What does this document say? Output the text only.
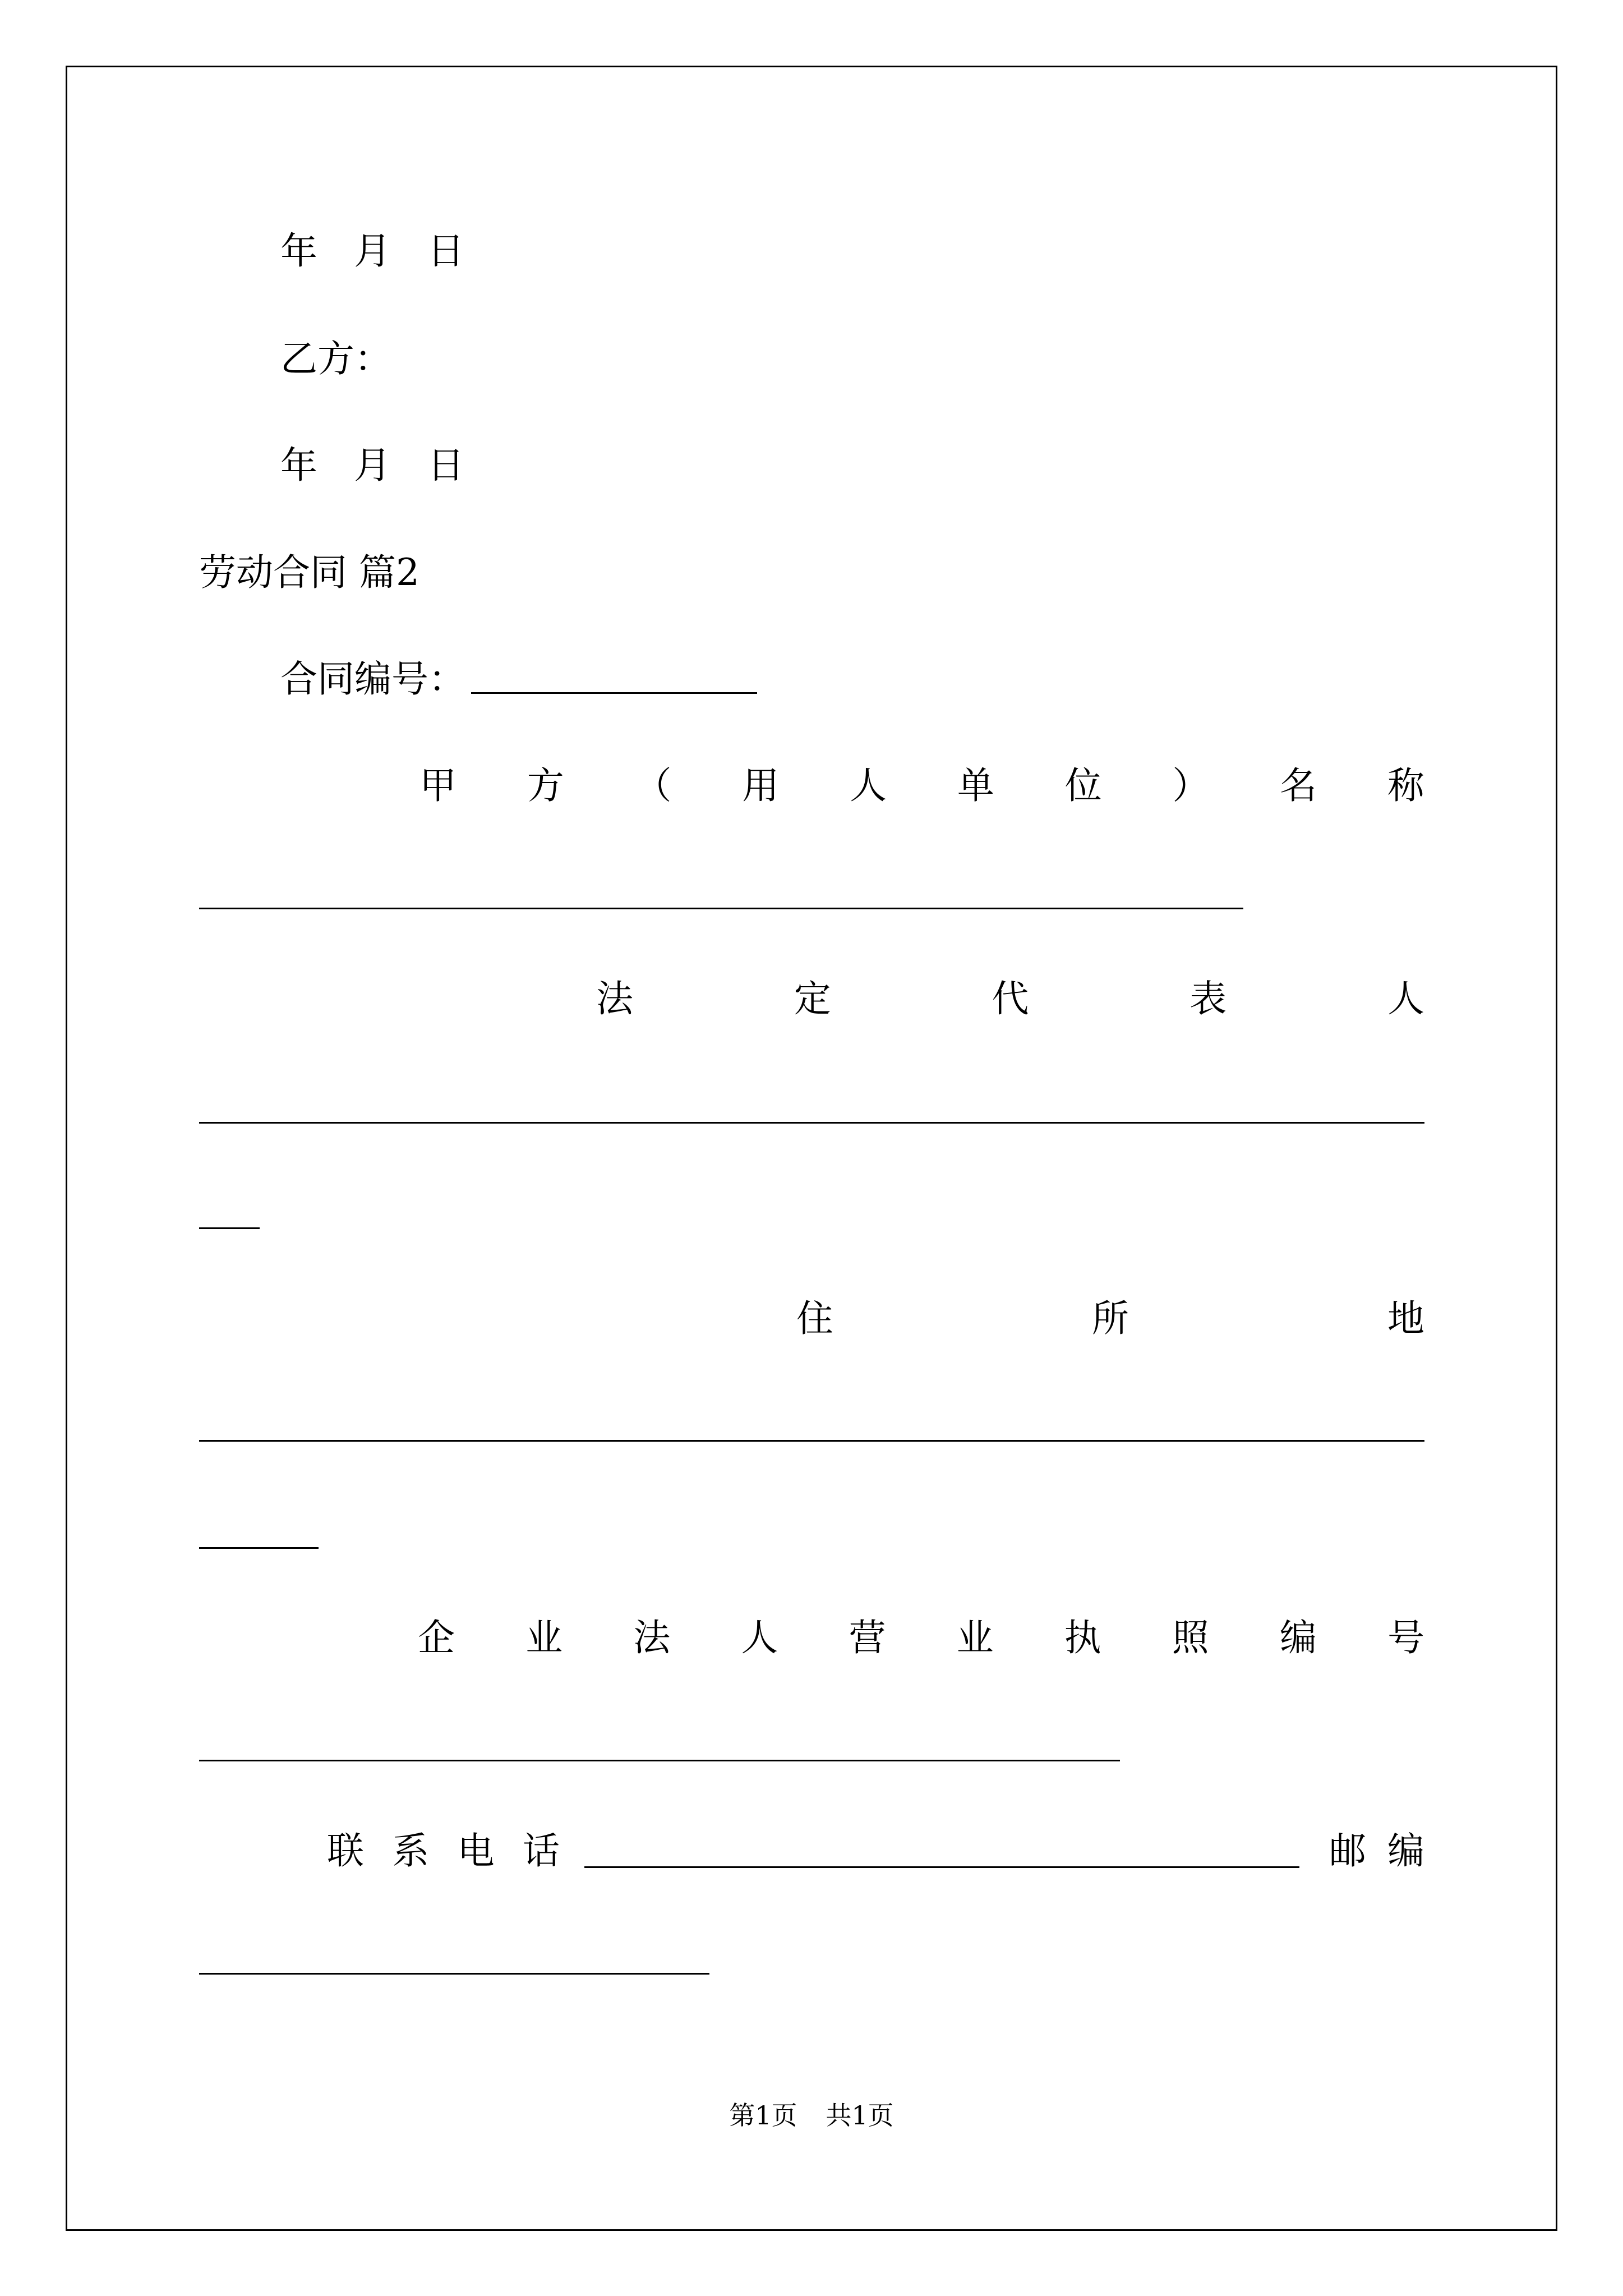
年 月 日
乙方：
年 月 日
劳动合同 篇2
合同编号：
甲 方 （ 用 人 单 位 ） 名 称
法	定	代	表	人
住	所	地
企 业 法 人 营 业 执 照 编 号
联 系 电 话	邮 编
第1页 共1页
